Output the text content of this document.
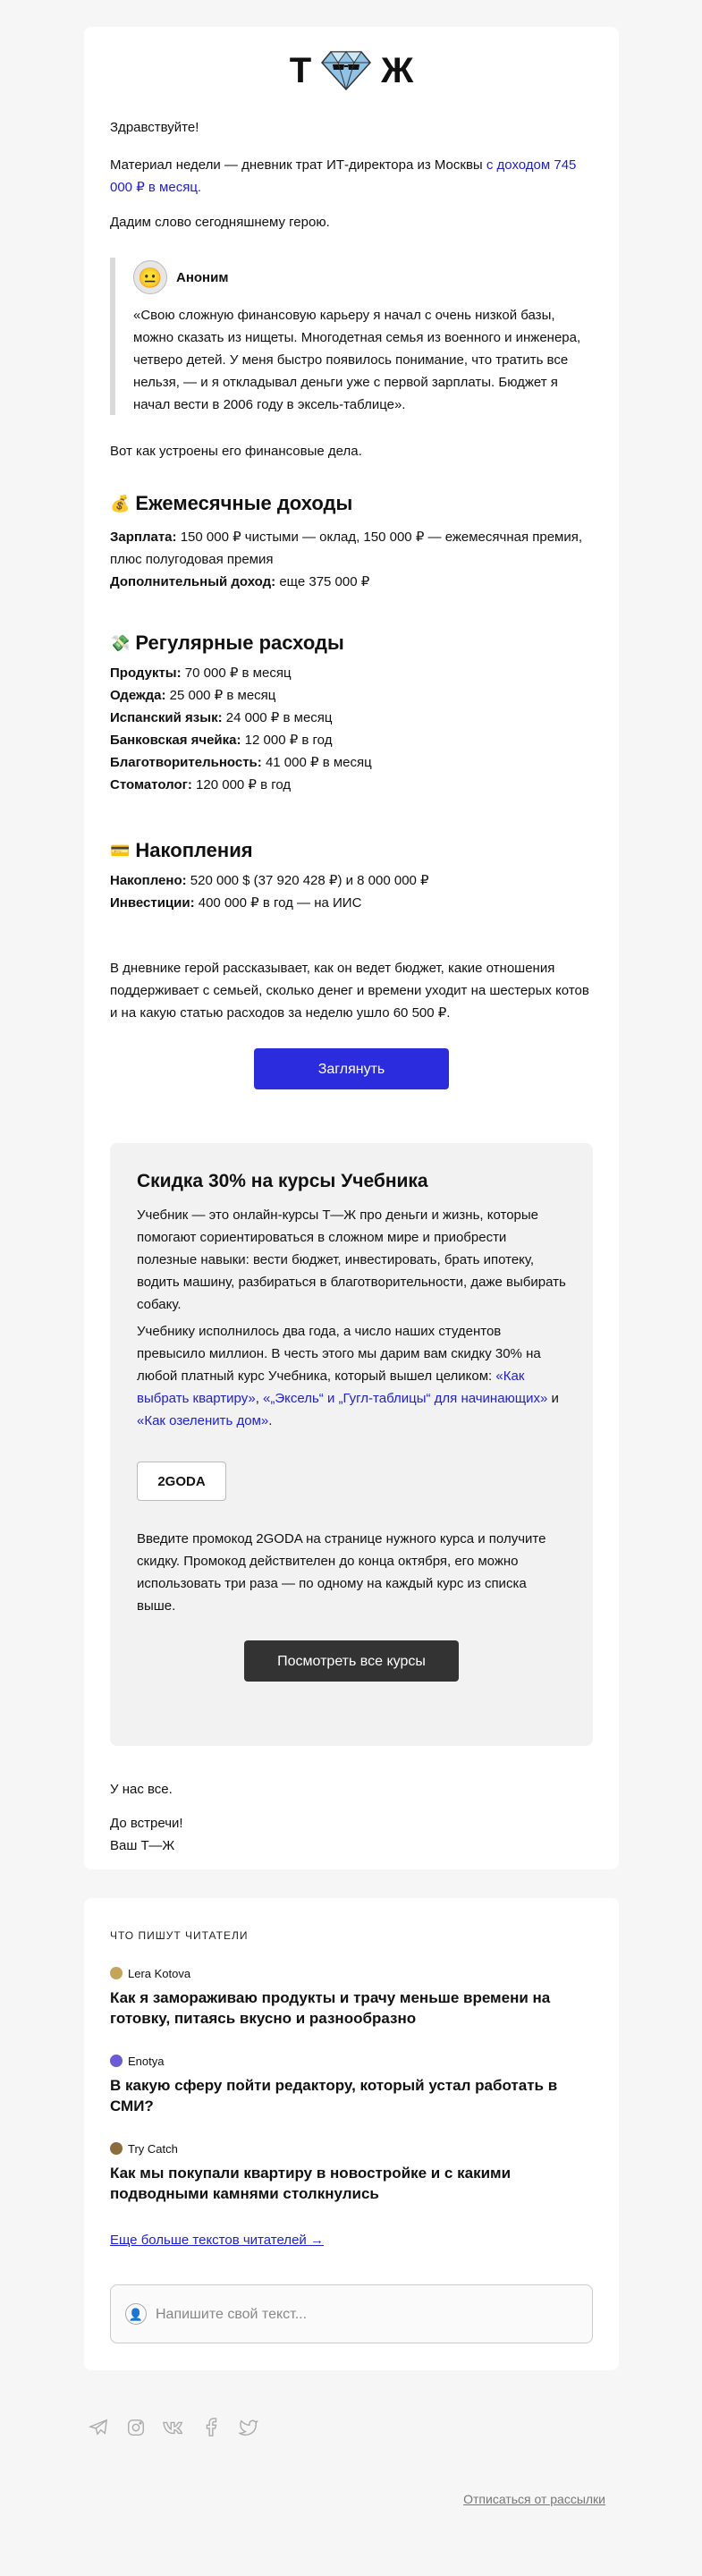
Т Ж
Здравствуйте!
Материал недели — дневник трат ИТ-директора из Москвы с доходом 745 000 ₽ в месяц.
Дадим слово сегодняшнему герою.
😐	Аноним
«Свою сложную финансовую карьеру я начал с очень низкой базы, можно сказать из нищеты. Многодетная семья из военного и инженера, четверо детей. У меня быстро появилось понимание, что тратить все нельзя, — и я откладывал деньги уже с первой зарплаты. Бюджет я начал вести в 2006 году в эксель-таблице».
Вот как устроены его финансовые дела.
💰 Ежемесячные доходы
Зарплата: 150 000 ₽ чистыми — оклад, 150 000 ₽ — ежемесячная премия, плюс полугодовая премия
Дополнительный доход: еще 375 000 ₽
💸 Регулярные расходы
Продукты: 70 000 ₽ в месяц
Одежда: 25 000 ₽ в месяц
Испанский язык: 24 000 ₽ в месяц
Банковская ячейка: 12 000 ₽ в год
Благотворительность: 41 000 ₽ в месяц
Стоматолог: 120 000 ₽ в год
💳 Накопления
Накоплено: 520 000 $ (37 920 428 ₽) и 8 000 000 ₽
Инвестиции: 400 000 ₽ в год — на ИИС
В дневнике герой рассказывает, как он ведет бюджет, какие отношения поддерживает с семьей, сколько денег и времени уходит на шестерых котов и на какую статью расходов за неделю ушло 60 500 ₽.
Заглянуть
Скидка 30% на курсы Учебника
Учебник — это онлайн-курсы Т—Ж про деньги и жизнь, которые помогают сориентироваться в сложном мире и приобрести полезные навыки: вести бюджет, инвестировать, брать ипотеку, водить машину, разбираться в благотворительности, даже выбирать собаку.
Учебнику исполнилось два года, а число наших студентов превысило миллион. В честь этого мы дарим вам скидку 30% на любой платный курс Учебника, который вышел целиком: «Как выбрать квартиру», «„Эксель“ и „Гугл-таблицы“ для начинающих» и «Как озеленить дом».
2GODA
Введите промокод 2GODA на странице нужного курса и получите скидку. Промокод действителен до конца октября, его можно использовать три раза — по одному на каждый курс из списка выше.
Посмотреть все курсы
У нас все.
До встречи!
Ваш Т—Ж
ЧТО ПИШУТ ЧИТАТЕЛИ
Lera Kotova
Как я замораживаю продукты и трачу меньше времени на готовку, питаясь вкусно и разнообразно
Enotya
В какую сферу пойти редактору, который устал работать в СМИ?
Try Catch
Как мы покупали квартиру в новостройке и с какими подводными камнями столкнулись
Еще больше текстов читателей →
👤 Напишите свой текст...
Отписаться от рассылки
